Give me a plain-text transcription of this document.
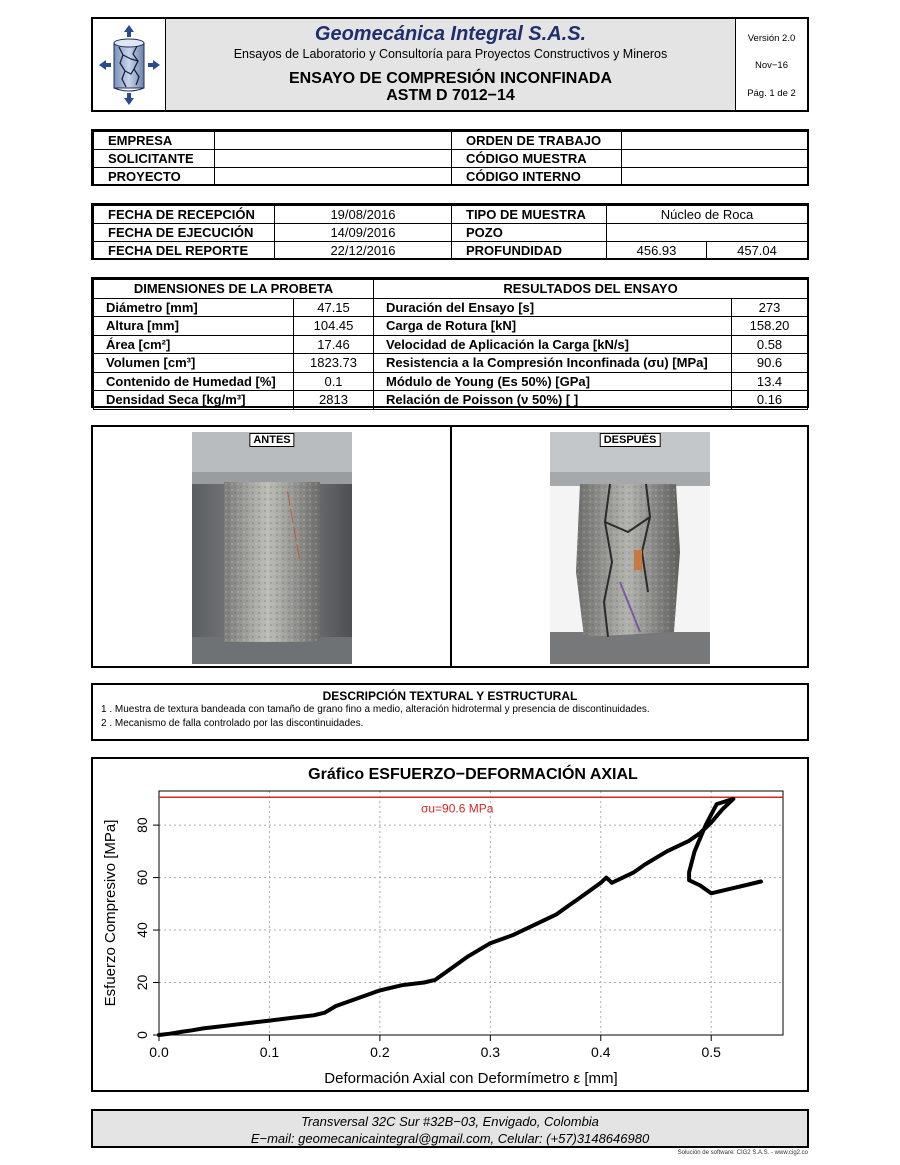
Geomecánica Integral S.A.S.
Ensayos de Laboratorio y Consultoría para Proyectos Constructivos y Mineros
ENSAYO DE COMPRESIÓN INCONFINADA
ASTM D 7012−14
Versión 2.0
Nov−16
Pág. 1 de 2
EMPRESA		ORDEN DE TRABAJO	
SOLICITANTE		CÓDIGO MUESTRA	
PROYECTO		CÓDIGO INTERNO	
FECHA DE RECEPCIÓN	19/08/2016	TIPO DE MUESTRA	Núcleo de Roca	
FECHA DE EJECUCIÓN	14/09/2016	POZO		
FECHA DEL REPORTE	22/12/2016	PROFUNDIDAD	456.93	457.04
DIMENSIONES DE LA PROBETA		RESULTADOS DEL ENSAYO	
Diámetro [mm]	47.15	Duración del Ensayo [s]	273
Altura [mm]	104.45	Carga de Rotura [kN]	158.20
Área [cm²]	17.46	Velocidad de Aplicación la Carga [kN/s]	0.58
Volumen [cm³]	1823.73	Resistencia a la Compresión Inconfinada (σu) [MPa]	90.6
Contenido de Humedad [%]	0.1	Módulo de Young (Es 50%) [GPa]	13.4
Densidad Seca [kg/m³]	2813	Relación de Poisson (ν 50%) [ ]	0.16
ANTES
— — — —
DESPUÉS
DESCRIPCIÓN TEXTURAL Y ESTRUCTURAL
1 . Muestra de textura bandeada con tamaño de grano fino a medio, alteración hidrotermal y presencia de discontinuidades.
2 . Mecanismo de falla controlado por las discontinuidades.
Gráfico ESFUERZO−DEFORMACIÓN AXIAL
σu=90.6 MPa
0.0	0.1	0.2	0.3	0.4	0.5
0
20
40
60
80
Deformación Axial con Deformímetro ε [mm]
Esfuerzo Compresivo [MPa]
Transversal 32C Sur #32B−03, Envigado, Colombia
E−mail: geomecanicaintegral@gmail.com, Celular: (+57)3148646980
Solución de software: CIG2 S.A.S. - www.cig2.co
